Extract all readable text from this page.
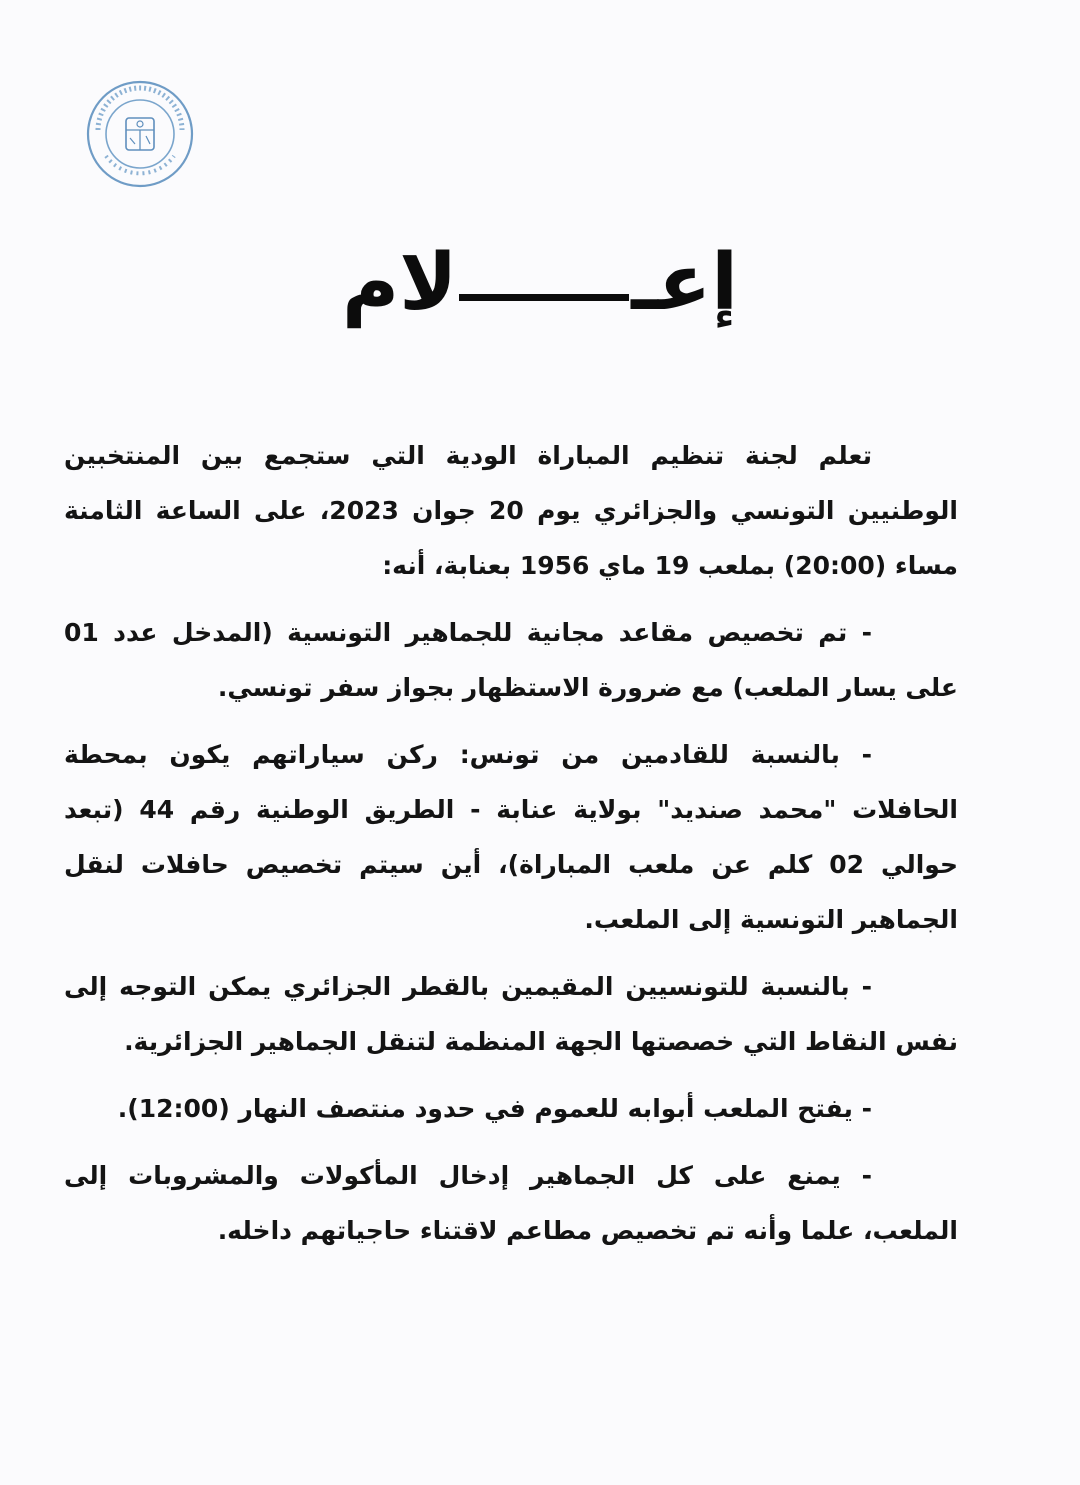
إعـلام

تعلم لجنة تنظيم المباراة الودية التي ستجمع بين المنتخبين الوطنيين التونسي والجزائري يوم 20 جوان 2023، على الساعة الثامنة مساء (20:00) بملعب 19 ماي 1956 بعنابة، أنه:

- تم تخصيص مقاعد مجانية للجماهير التونسية (المدخل عدد 01 على يسار الملعب) مع ضرورة الاستظهار بجواز سفر تونسي.

- بالنسبة للقادمين من تونس: ركن سياراتهم يكون بمحطة الحافلات "محمد صنديد" بولاية عنابة - الطريق الوطنية رقم 44 (تبعد حوالي 02 كلم عن ملعب المباراة)، أين سيتم تخصيص حافلات لنقل الجماهير التونسية إلى الملعب.

- بالنسبة للتونسيين المقيمين بالقطر الجزائري يمكن التوجه إلى نفس النقاط التي خصصتها الجهة المنظمة لتنقل الجماهير الجزائرية.

- يفتح الملعب أبوابه للعموم في حدود منتصف النهار (12:00).

- يمنع على كل الجماهير إدخال المأكولات والمشروبات إلى الملعب، علما وأنه تم تخصيص مطاعم لاقتناء حاجياتهم داخله.
